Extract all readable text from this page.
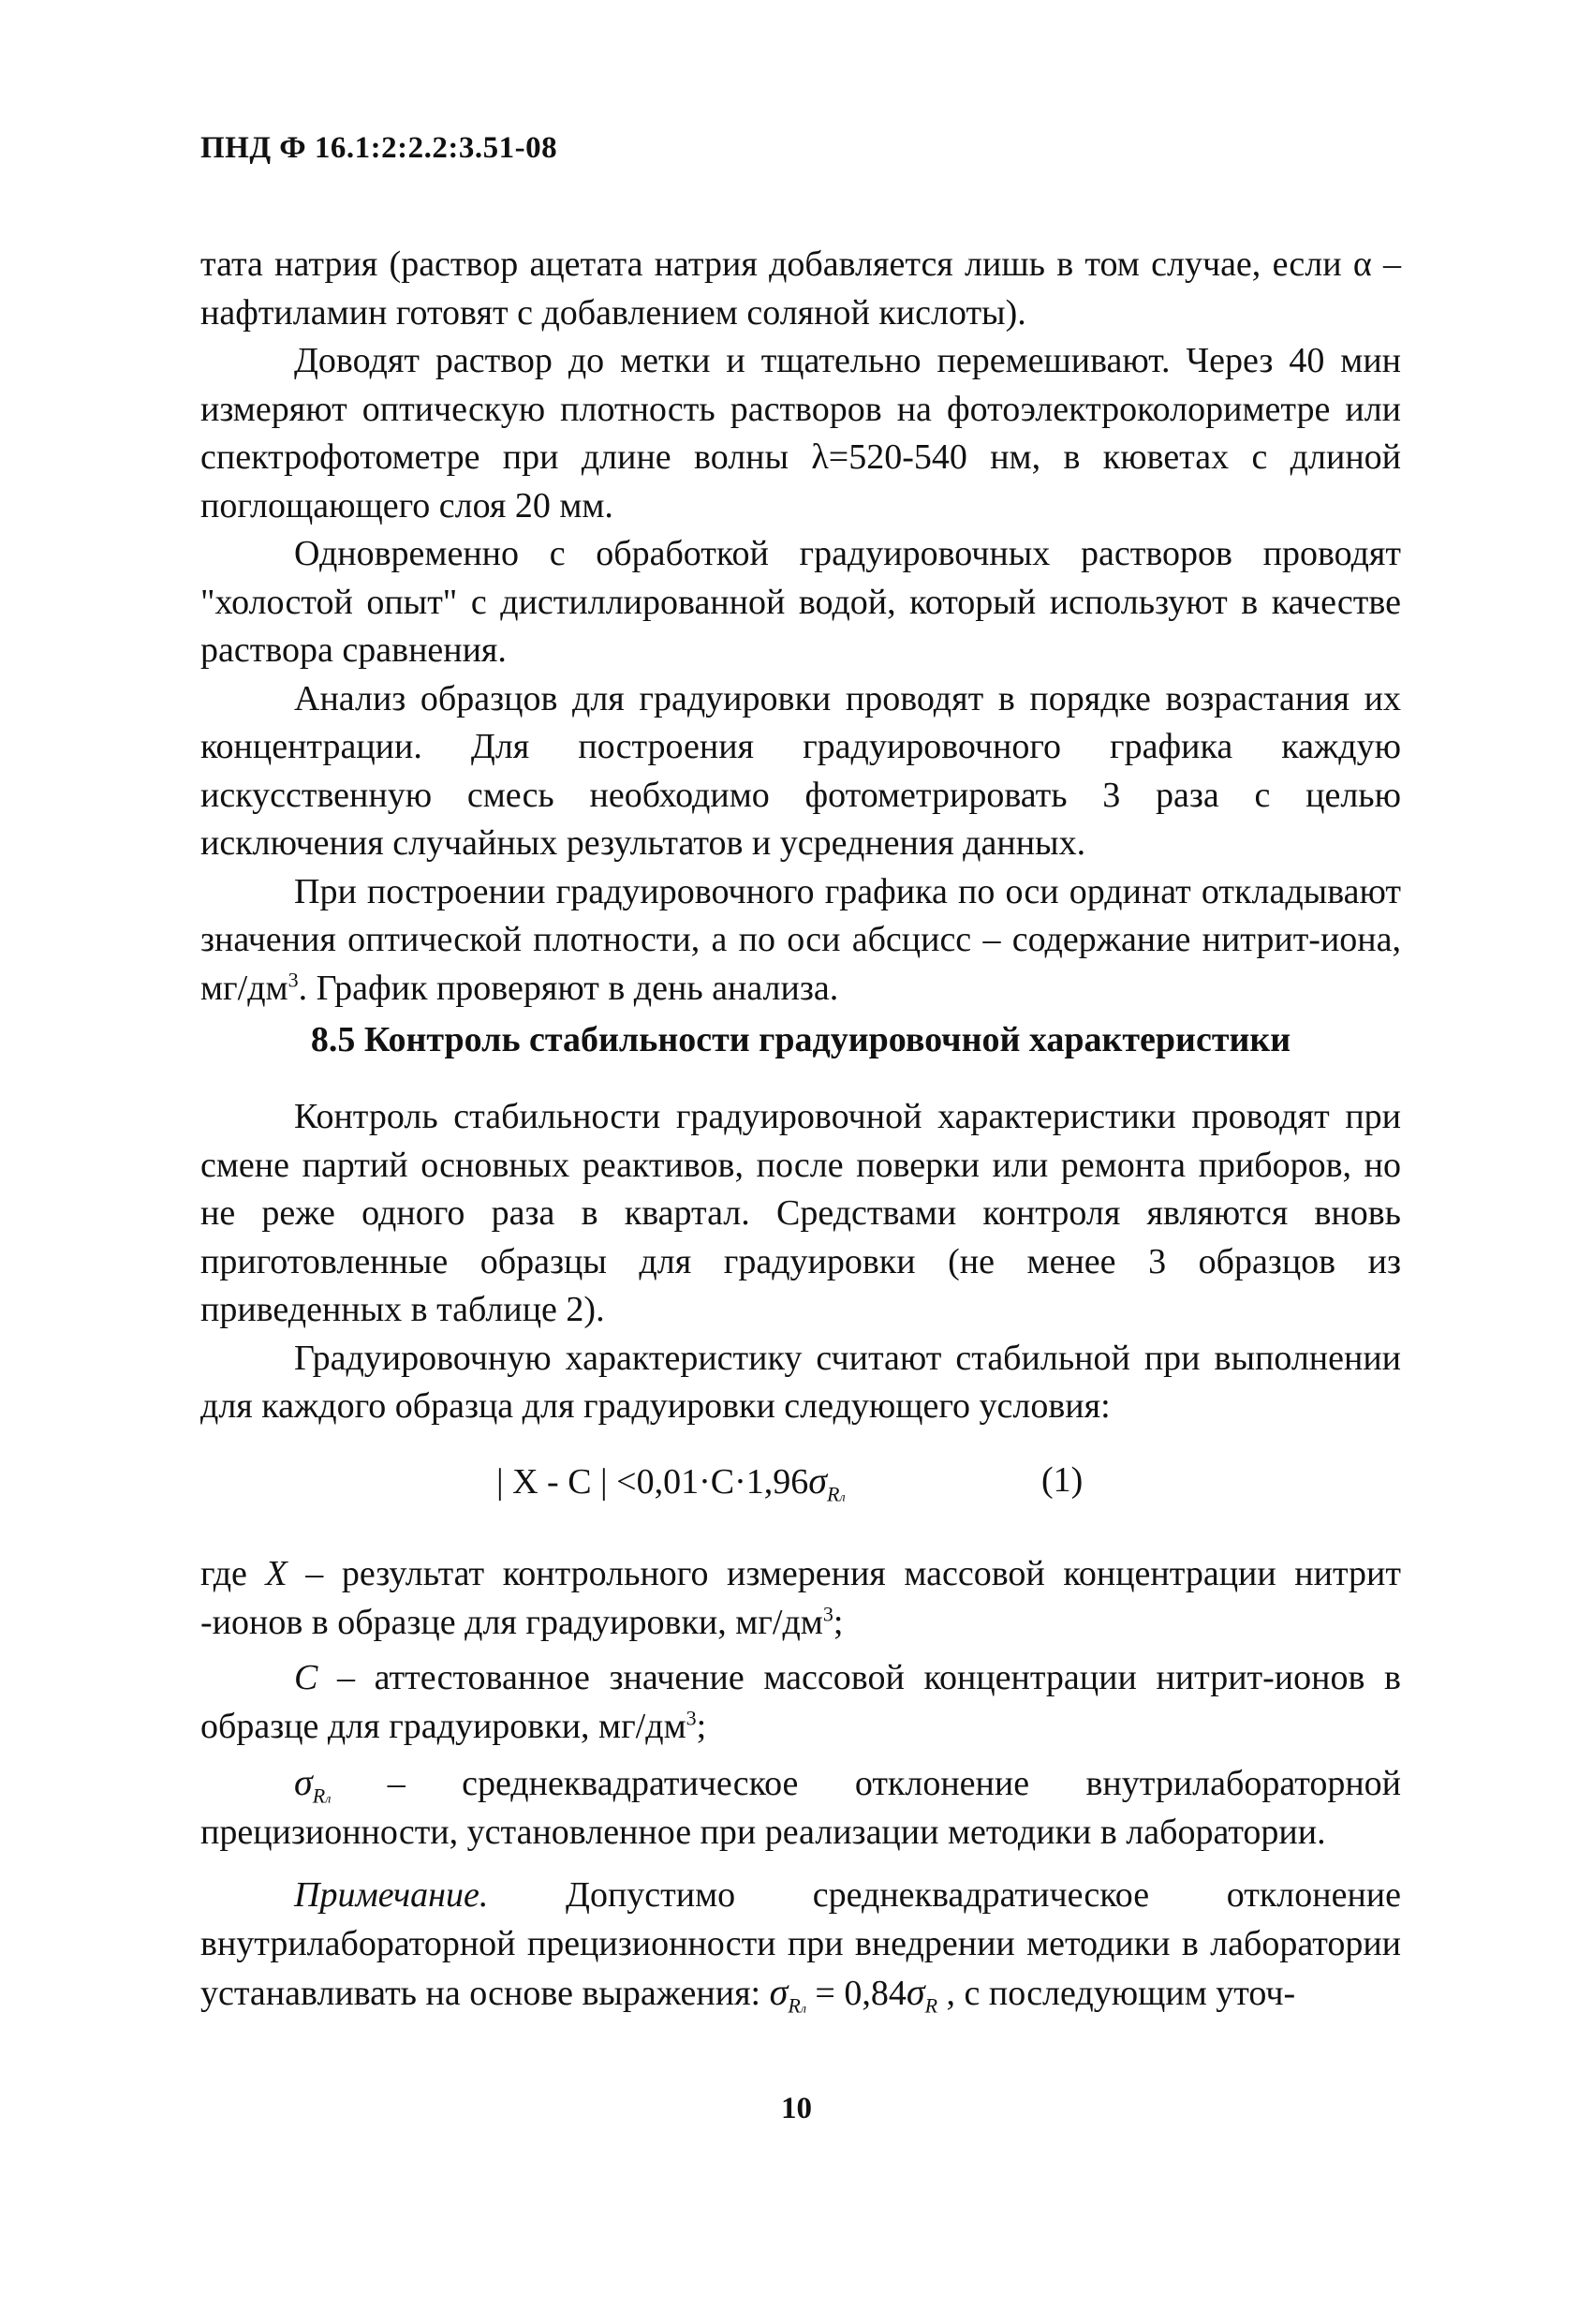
ПНД Ф 16.1:2:2.2:3.51-08

тата натрия (раствор ацетата натрия добавляется лишь в том случае, если α – нафтиламин готовят с добавлением соляной кислоты).

Доводят раствор до метки и тщательно перемешивают. Через 40 мин измеряют оптическую плотность растворов на фотоэлектроколориметре или спектрофотометре при длине волны λ=520-540 нм, в кюветах с длиной поглощающего слоя 20 мм.

Одновременно с обработкой градуировочных растворов проводят "холостой опыт" с дистиллированной водой, который используют в качестве раствора сравнения.

Анализ образцов для градуировки проводят в порядке возрастания их концентрации. Для построения градуировочного графика каждую искусственную смесь необходимо фотометрировать 3 раза с целью исключения случайных результатов и усреднения данных.

При построении градуировочного графика по оси ординат откладывают значения оптической плотности, а по оси абсцисс – содержание нитрит-иона, $мг/дм^3$. График проверяют в день анализа.

8.5 Контроль стабильности градуировочной характеристики

Контроль стабильности градуировочной характеристики проводят при смене партий основных реактивов, после поверки или ремонта приборов, но не реже одного раза в квартал. Средствами контроля являются вновь приготовленные образцы для градуировки (не менее 3 образцов из приведенных в таблице 2).

Градуировочную характеристику считают стабильной при выполнении для каждого образца для градуировки следующего условия:

| X - C | $<0,01\cdot C\cdot 1,96\sigma_{Rл}$	(1)

где X – результат контрольного измерения массовой концентрации нитрит -ионов в образце для градуировки, $мг/дм^3$;

C – аттестованное значение массовой концентрации нитрит-ионов в образце для градуировки, $мг/дм^3$;

$\sigma_{Rл}$ – среднеквадратическое отклонение внутрилабораторной прецизионности, установленное при реализации методики в лаборатории.

Примечание. Допустимо среднеквадратическое отклонение внутрилабораторной прецизионности при внедрении методики в лаборатории устанавливать на основе выражения: $\sigma_{Rл} = 0,84\sigma_R$ , с последующим уточ-

10
